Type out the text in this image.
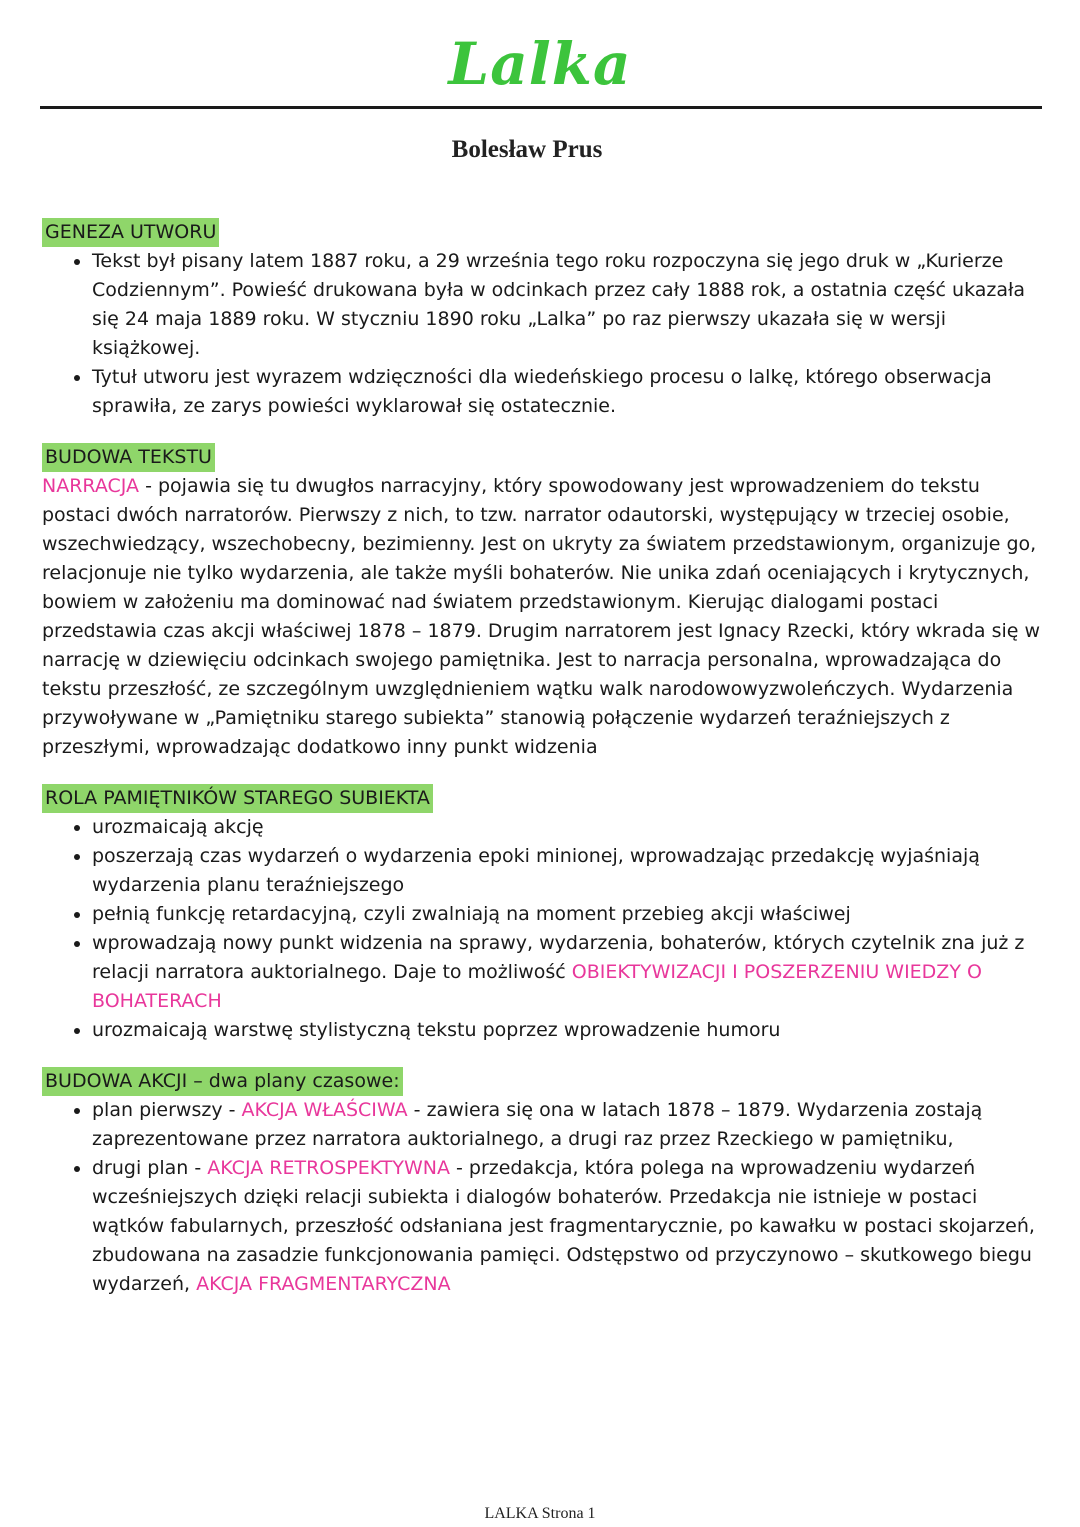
Lalka
Bolesław Prus
GENEZA UTWORU
• Tekst był pisany latem 1887 roku, a 29 września tego roku rozpoczyna się jego druk w „Kurierze Codziennym”. Powieść drukowana była w odcinkach przez cały 1888 rok, a ostatnia część ukazała się 24 maja 1889 roku. W styczniu 1890 roku „Lalka” po raz pierwszy ukazała się w wersji książkowej.
• Tytuł utworu jest wyrazem wdzięczności dla wiedeńskiego procesu o lalkę, którego obserwacja sprawiła, ze zarys powieści wyklarował się ostatecznie.
BUDOWA TEKSTU

NARRACJA - pojawia się tu dwugłos narracyjny, który spowodowany jest wprowadzeniem do tekstu postaci dwóch narratorów. Pierwszy z nich, to tzw. narrator odautorski, występujący w trzeciej osobie, wszechwiedzący, wszechobecny, bezimienny. Jest on ukryty za światem przedstawionym, organizuje go, relacjonuje nie tylko wydarzenia, ale także myśli bohaterów. Nie unika zdań oceniających i krytycznych, bowiem w założeniu ma dominować nad światem przedstawionym. Kierując dialogami postaci przedstawia czas akcji właściwej 1878 – 1879. Drugim narratorem jest Ignacy Rzecki, który wkrada się w narrację w dziewięciu odcinkach swojego pamiętnika. Jest to narracja personalna, wprowadzająca do tekstu przeszłość, ze szczególnym uwzględnieniem wątku walk narodowowyzwoleńczych. Wydarzenia przywoływane w „Pamiętniku starego subiekta” stanowią połączenie wydarzeń teraźniejszych z przeszłymi, wprowadzając dodatkowo inny punkt widzenia

ROLA PAMIĘTNIKÓW STAREGO SUBIEKTA
• urozmaicają akcję
• poszerzają czas wydarzeń o wydarzenia epoki minionej, wprowadzając przedakcję wyjaśniają wydarzenia planu teraźniejszego
• pełnią funkcję retardacyjną, czyli zwalniają na moment przebieg akcji właściwej
• wprowadzają nowy punkt widzenia na sprawy, wydarzenia, bohaterów, których czytelnik zna już z relacji narratora auktorialnego. Daje to możliwość OBIEKTYWIZACJI I POSZERZENIU WIEDZY O BOHATERACH
• urozmaicają warstwę stylistyczną tekstu poprzez wprowadzenie humoru
BUDOWA AKCJI – dwa plany czasowe:
• plan pierwszy - AKCJA WŁAŚCIWA - zawiera się ona w latach 1878 – 1879. Wydarzenia zostają zaprezentowane przez narratora auktorialnego, a drugi raz przez Rzeckiego w pamiętniku,
• drugi plan - AKCJA RETROSPEKTYWNA - przedakcja, która polega na wprowadzeniu wydarzeń wcześniejszych dzięki relacji subiekta i dialogów bohaterów. Przedakcja nie istnieje w postaci wątków fabularnych, przeszłość odsłaniana jest fragmentarycznie, po kawałku w postaci skojarzeń, zbudowana na zasadzie funkcjonowania pamięci. Odstępstwo od przyczynowo – skutkowego biegu wydarzeń, AKCJA FRAGMENTARYCZNA
LALKA Strona 1
